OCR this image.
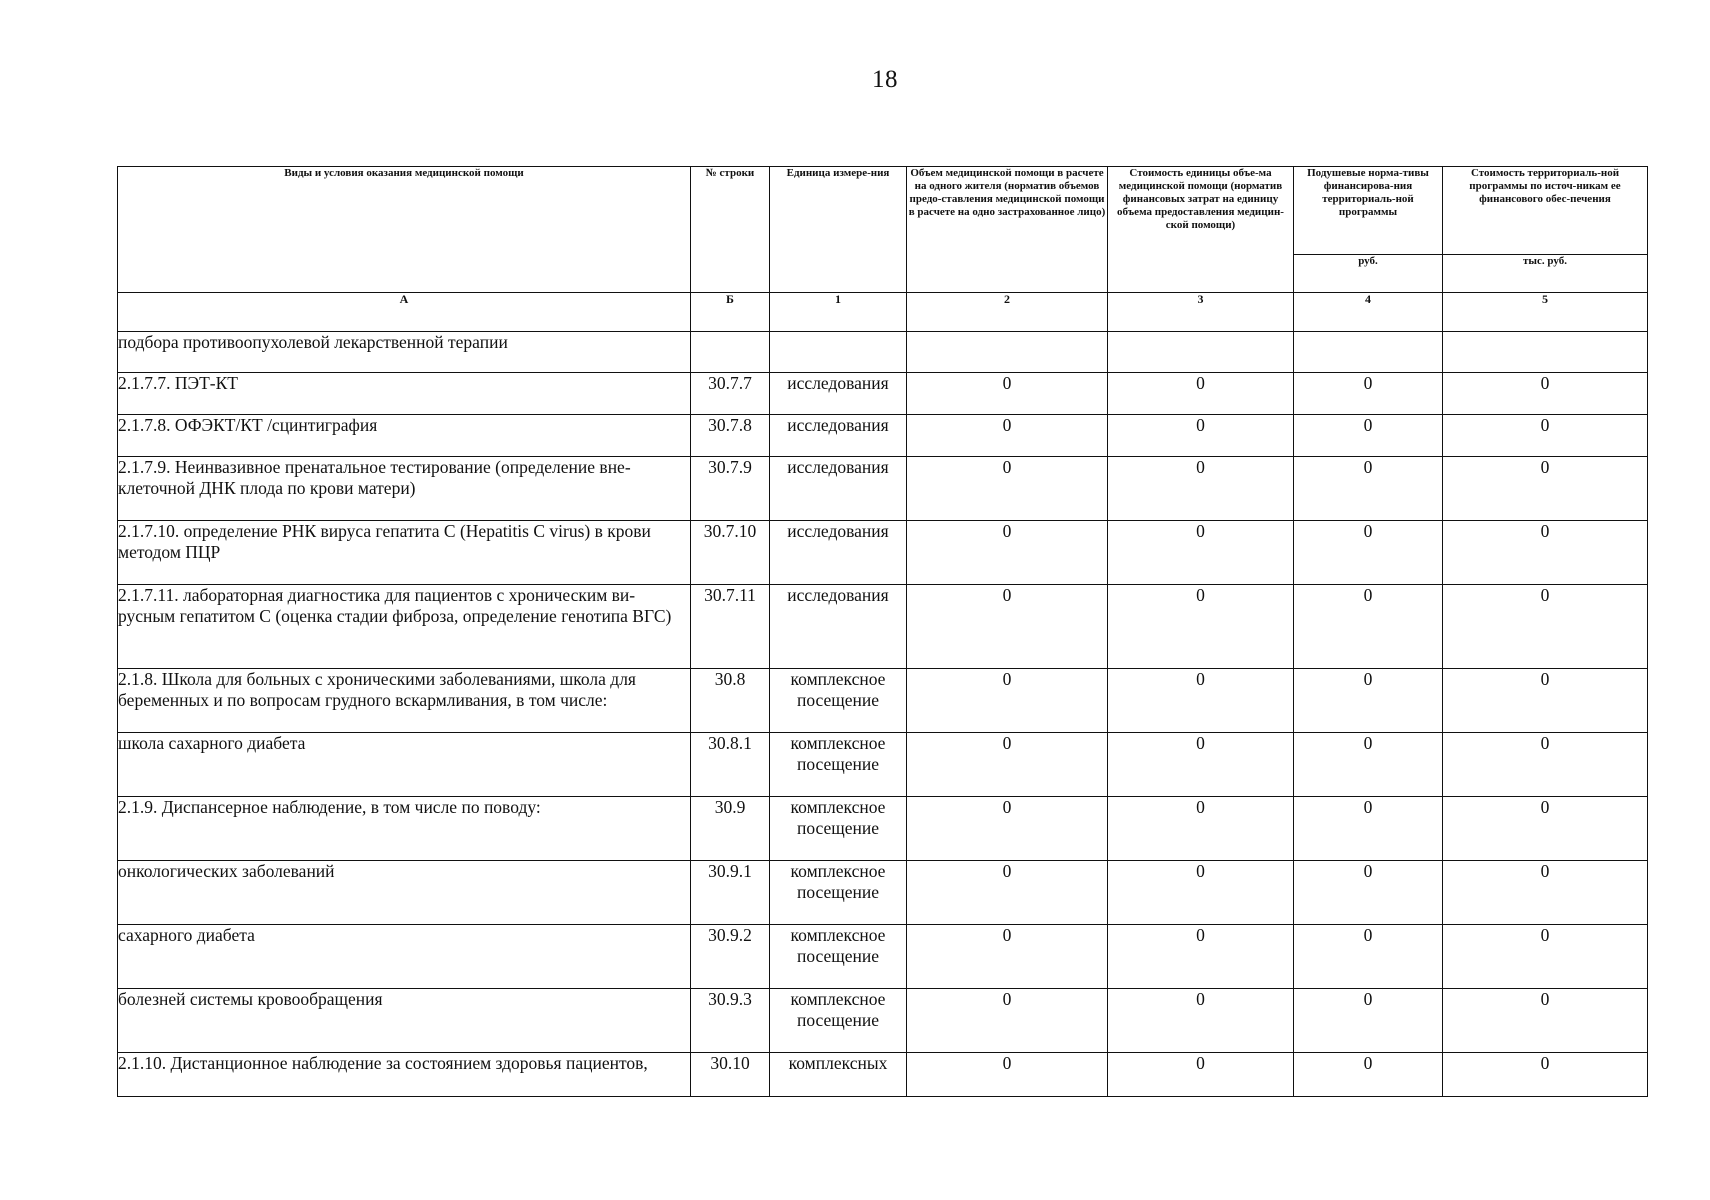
18
Виды и условия оказания медицинской помощи	№ строки	Единица измере-ния	Объем медицинской помощи в расчете на одного жителя (норматив объемов предо-ставления медицинской помощи в расчете на одно застрахованное лицо)	Стоимость единицы объе-ма медицинской помощи (норматив финансовых затрат на единицу объема предоставления медицин-ской помощи)	Подушевые норма-тивы финансирова-ния территориаль-ной программы	Стоимость территориаль-ной программы по источ-никам ее финансового обес-печения
					руб.	тыс. руб.
А	Б	1	2	3	4	5
подбора противоопухолевой лекарственной терапии						
2.1.7.7. ПЭТ-КТ	30.7.7	исследования	0	0	0	0
2.1.7.8. ОФЭКТ/КТ /сцинтиграфия	30.7.8	исследования	0	0	0	0
2.1.7.9. Неинвазивное пренатальное тестирование (определение вне-клеточной ДНК плода по крови матери)	30.7.9	исследования	0	0	0	0
2.1.7.10. определение РНК вируса гепатита С (Hepatitis С virus) в крови методом ПЦР	30.7.10	исследования	0	0	0	0
2.1.7.11. лабораторная диагностика для пациентов с хроническим ви-русным гепатитом С (оценка стадии фиброза, определение генотипа ВГС)	30.7.11	исследования	0	0	0	0
2.1.8. Школа для больных с хроническими заболеваниями, школа для беременных и по вопросам грудного вскармливания, в том числе:	30.8	комплексное посещение	0	0	0	0
школа сахарного диабета	30.8.1	комплексное посещение	0	0	0	0
2.1.9. Диспансерное наблюдение, в том числе по поводу:	30.9	комплексное посещение	0	0	0	0
онкологических заболеваний	30.9.1	комплексное посещение	0	0	0	0
сахарного диабета	30.9.2	комплексное посещение	0	0	0	0
болезней системы кровообращения	30.9.3	комплексное посещение	0	0	0	0
2.1.10. Дистанционное наблюдение за состоянием здоровья пациентов,	30.10	комплексных	0	0	0	0
